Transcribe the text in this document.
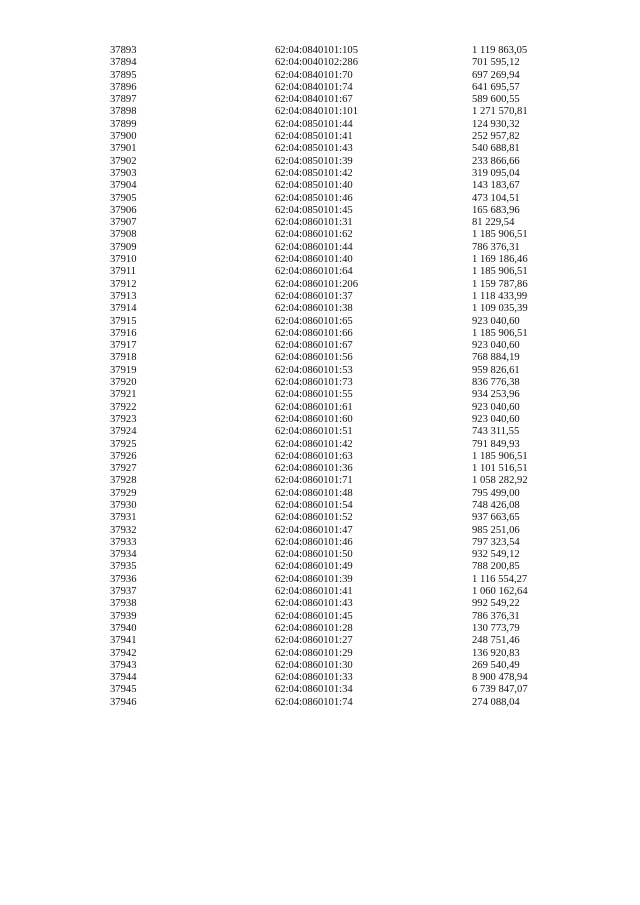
37893	62:04:0840101:105	1 119 863,05
37894	62:04:0040102:286	701 595,12
37895	62:04:0840101:70	697 269,94
37896	62:04:0840101:74	641 695,57
37897	62:04:0840101:67	589 600,55
37898	62:04:0840101:101	1 271 570,81
37899	62:04:0850101:44	124 930,32
37900	62:04:0850101:41	252 957,82
37901	62:04:0850101:43	540 688,81
37902	62:04:0850101:39	233 866,66
37903	62:04:0850101:42	319 095,04
37904	62:04:0850101:40	143 183,67
37905	62:04:0850101:46	473 104,51
37906	62:04:0850101:45	165 683,96
37907	62:04:0860101:31	81 229,54
37908	62:04:0860101:62	1 185 906,51
37909	62:04:0860101:44	786 376,31
37910	62:04:0860101:40	1 169 186,46
37911	62:04:0860101:64	1 185 906,51
37912	62:04:0860101:206	1 159 787,86
37913	62:04:0860101:37	1 118 433,99
37914	62:04:0860101:38	1 109 035,39
37915	62:04:0860101:65	923 040,60
37916	62:04:0860101:66	1 185 906,51
37917	62:04:0860101:67	923 040,60
37918	62:04:0860101:56	768 884,19
37919	62:04:0860101:53	959 826,61
37920	62:04:0860101:73	836 776,38
37921	62:04:0860101:55	934 253,96
37922	62:04:0860101:61	923 040,60
37923	62:04:0860101:60	923 040,60
37924	62:04:0860101:51	743 311,55
37925	62:04:0860101:42	791 849,93
37926	62:04:0860101:63	1 185 906,51
37927	62:04:0860101:36	1 101 516,51
37928	62:04:0860101:71	1 058 282,92
37929	62:04:0860101:48	795 499,00
37930	62:04:0860101:54	748 426,08
37931	62:04:0860101:52	937 663,65
37932	62:04:0860101:47	985 251,06
37933	62:04:0860101:46	797 323,54
37934	62:04:0860101:50	932 549,12
37935	62:04:0860101:49	788 200,85
37936	62:04:0860101:39	1 116 554,27
37937	62:04:0860101:41	1 060 162,64
37938	62:04:0860101:43	992 549,22
37939	62:04:0860101:45	786 376,31
37940	62:04:0860101:28	130 773,79
37941	62:04:0860101:27	248 751,46
37942	62:04:0860101:29	136 920,83
37943	62:04:0860101:30	269 540,49
37944	62:04:0860101:33	8 900 478,94
37945	62:04:0860101:34	6 739 847,07
37946	62:04:0860101:74	274 088,04
